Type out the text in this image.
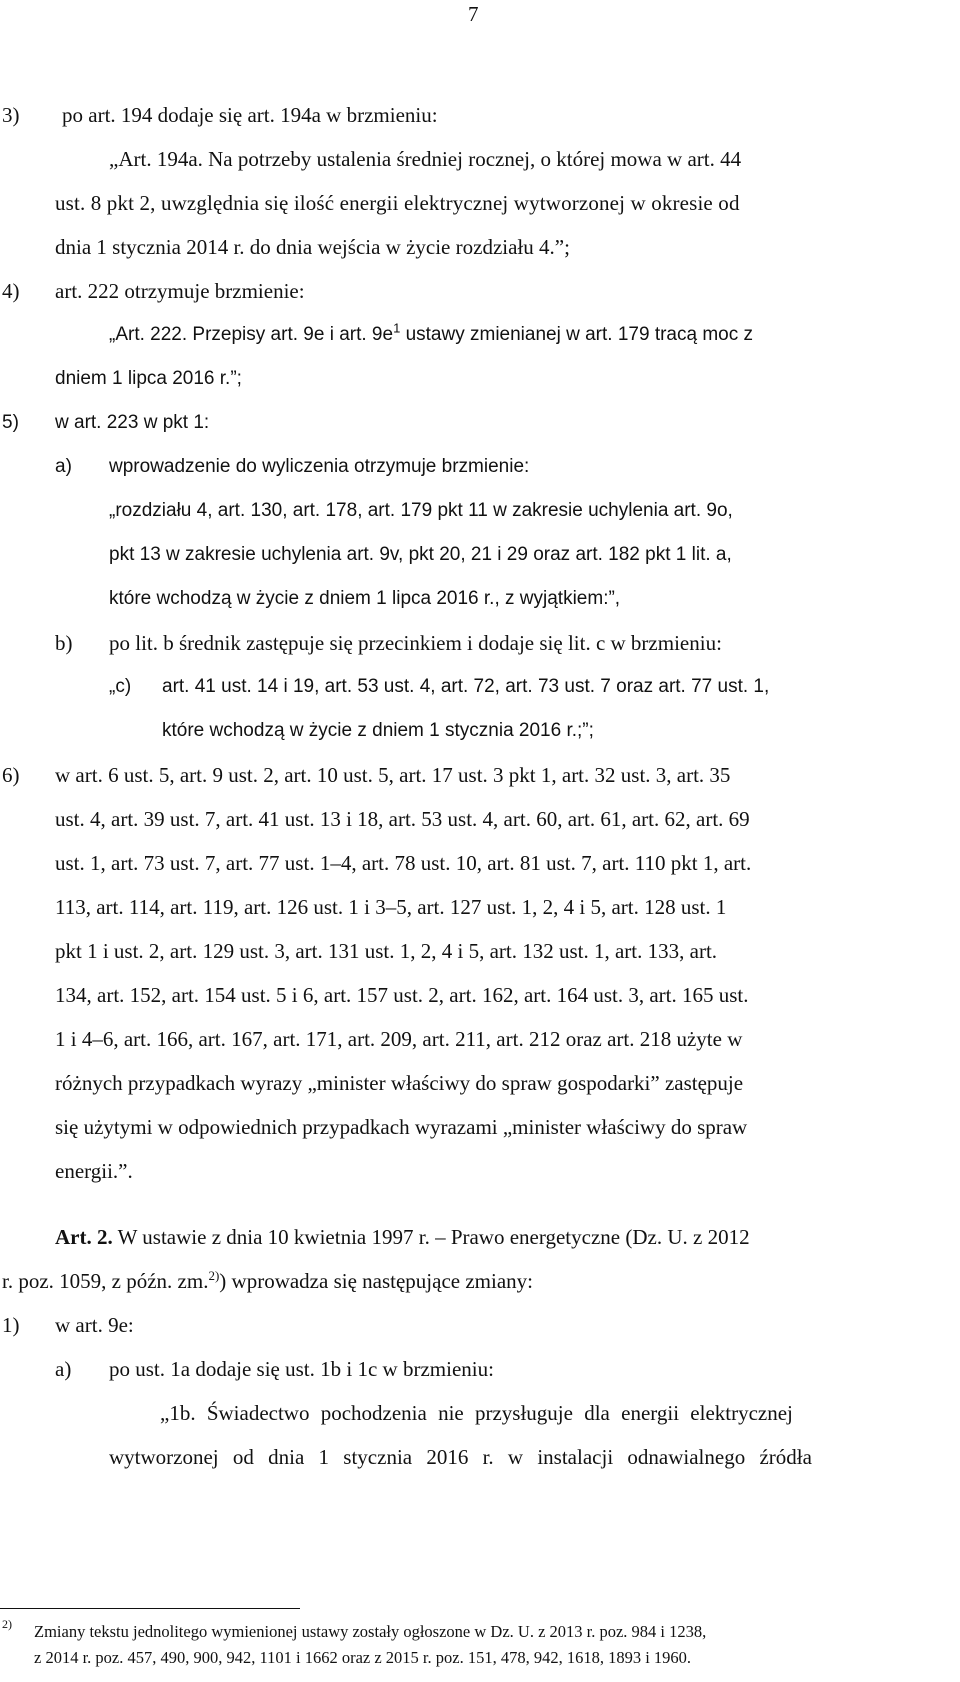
7
3) po art. 194 dodaje się art. 194a w brzmieniu:
„Art. 194a. Na potrzeby ustalenia średniej rocznej, o której mowa w art. 44
ust. 8 pkt 2, uwzględnia się ilość energii elektrycznej wytworzonej w okresie od
dnia 1 stycznia 2014 r. do dnia wejścia w życie rozdziału 4.”;
4) art. 222 otrzymuje brzmienie:
„Art. 222. Przepisy art. 9e i art. $9e^1$ ustawy zmienianej w art. 179 tracą moc z
dniem 1 lipca 2016 r.”;
5) w art. 223 w pkt 1:
a) wprowadzenie do wyliczenia otrzymuje brzmienie:
„rozdziału 4, art. 130, art. 178, art. 179 pkt 11 w zakresie uchylenia art. 9o,
pkt 13 w zakresie uchylenia art. 9v, pkt 20, 21 i 29 oraz art. 182 pkt 1 lit. a,
które wchodzą w życie z dniem 1 lipca 2016 r., z wyjątkiem:”,
b) po lit. b średnik zastępuje się przecinkiem i dodaje się lit. c w brzmieniu:
„c) art. 41 ust. 14 i 19, art. 53 ust. 4, art. 72, art. 73 ust. 7 oraz art. 77 ust. 1,
które wchodzą w życie z dniem 1 stycznia 2016 r.;”;
6) w art. 6 ust. 5, art. 9 ust. 2, art. 10 ust. 5, art. 17 ust. 3 pkt 1, art. 32 ust. 3, art. 35
ust. 4, art. 39 ust. 7, art. 41 ust. 13 i 18, art. 53 ust. 4, art. 60, art. 61, art. 62, art. 69
ust. 1, art. 73 ust. 7, art. 77 ust. 1–4, art. 78 ust. 10, art. 81 ust. 7, art. 110 pkt 1, art.
113, art. 114, art. 119, art. 126 ust. 1 i 3–5, art. 127 ust. 1, 2, 4 i 5, art. 128 ust. 1
pkt 1 i ust. 2, art. 129 ust. 3, art. 131 ust. 1, 2, 4 i 5, art. 132 ust. 1, art. 133, art.
134, art. 152, art. 154 ust. 5 i 6, art. 157 ust. 2, art. 162, art. 164 ust. 3, art. 165 ust.
1 i 4–6, art. 166, art. 167, art. 171, art. 209, art. 211, art. 212 oraz art. 218 użyte w
różnych przypadkach wyrazy „minister właściwy do spraw gospodarki” zastępuje
się użytymi w odpowiednich przypadkach wyrazami „minister właściwy do spraw
energii.”.
Art. 2. W ustawie z dnia 10 kwietnia 1997 r. – Prawo energetyczne (Dz. U. z 2012
r. poz. 1059, z późn. zm.$^{2)}$) wprowadza się następujące zmiany:
1) w art. 9e:
a) po ust. 1a dodaje się ust. 1b i 1c w brzmieniu:
„1b. Świadectwo pochodzenia nie przysługuje dla energii elektrycznej
wytworzonej od dnia 1 stycznia 2016 r. w instalacji odnawialnego źródła
2) Zmiany tekstu jednolitego wymienionej ustawy zostały ogłoszone w Dz. U. z 2013 r. poz. 984 i 1238,
z 2014 r. poz. 457, 490, 900, 942, 1101 i 1662 oraz z 2015 r. poz. 151, 478, 942, 1618, 1893 i 1960.
